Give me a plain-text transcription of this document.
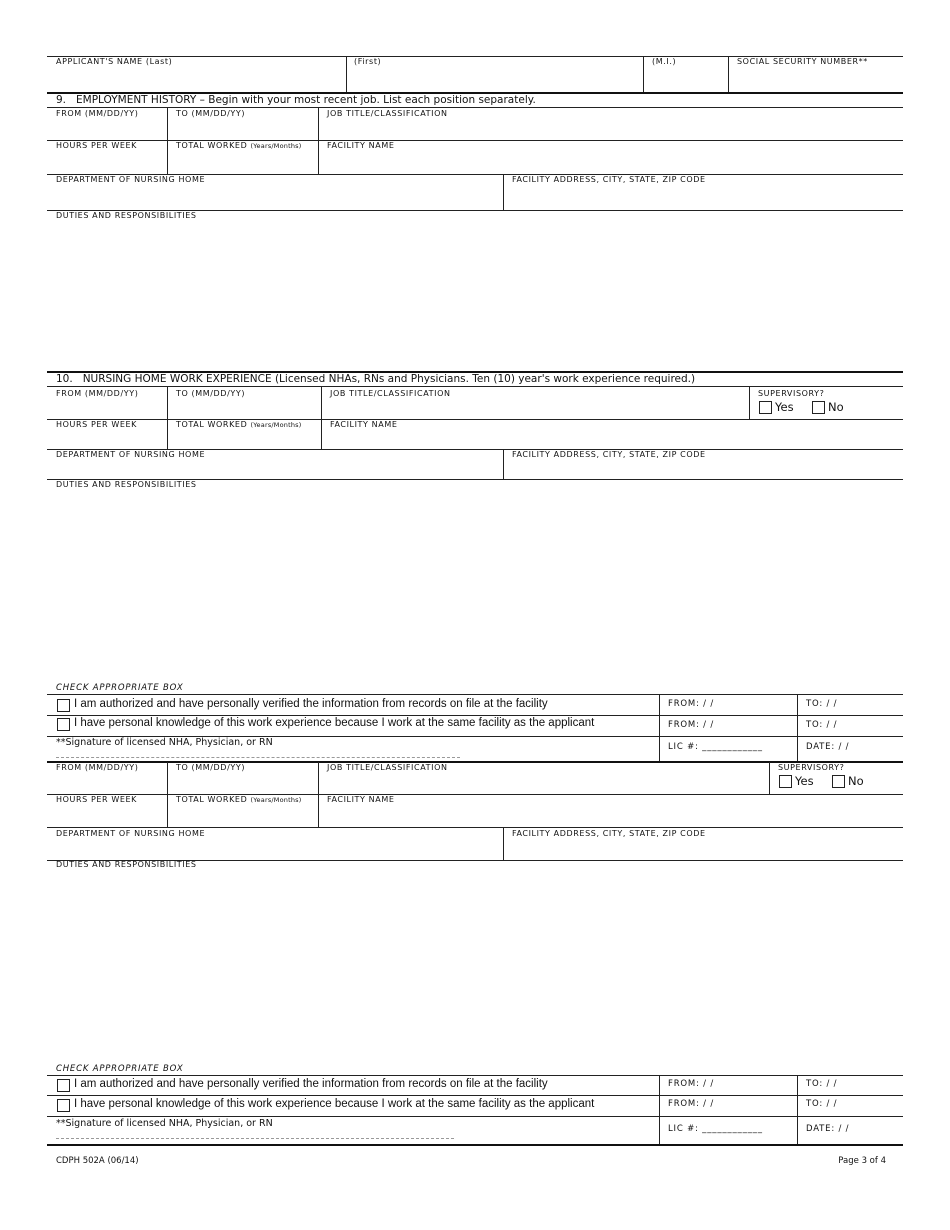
APPLICANT'S NAME (Last)	(First)	(M.I.)	SOCIAL SECURITY NUMBER**
9. EMPLOYMENT HISTORY – Begin with your most recent job. List each position separately.
FROM (MM/DD/YY)	TO (MM/DD/YY)	JOB TITLE/CLASSIFICATION
HOURS PER WEEK	TOTAL WORKED (Years/Months)	FACILITY NAME
DEPARTMENT OF NURSING HOME	FACILITY ADDRESS, CITY, STATE, ZIP CODE
DUTIES AND RESPONSIBILITIES
10. NURSING HOME WORK EXPERIENCE (Licensed NHAs, RNs and Physicians. Ten (10) year's work experience required.)
FROM (MM/DD/YY)	TO (MM/DD/YY)	JOB TITLE/CLASSIFICATION	SUPERVISORY?
Yes	No
HOURS PER WEEK	TOTAL WORKED (Years/Months)	FACILITY NAME
DEPARTMENT OF NURSING HOME	FACILITY ADDRESS, CITY, STATE, ZIP CODE
DUTIES AND RESPONSIBILITIES
CHECK APPROPRIATE BOX
I am authorized and have personally verified the information from records on file at the facility	FROM: / /	TO: / /
I have personal knowledge of this work experience because I work at the same facility as the applicant	FROM: / /	TO: / /
**Signature of licensed NHA, Physician, or RN	LIC #: ____________	DATE: / /
FROM (MM/DD/YY)	TO (MM/DD/YY)	JOB TITLE/CLASSIFICATION	SUPERVISORY?
Yes	No
HOURS PER WEEK	TOTAL WORKED (Years/Months)	FACILITY NAME
DEPARTMENT OF NURSING HOME	FACILITY ADDRESS, CITY, STATE, ZIP CODE
DUTIES AND RESPONSIBILITIES
CHECK APPROPRIATE BOX
I am authorized and have personally verified the information from records on file at the facility	FROM: / /	TO: / /
I have personal knowledge of this work experience because I work at the same facility as the applicant	FROM: / /	TO: / /
**Signature of licensed NHA, Physician, or RN	LIC #: ____________	DATE: / /
CDPH 502A (06/14)	Page 3 of 4
